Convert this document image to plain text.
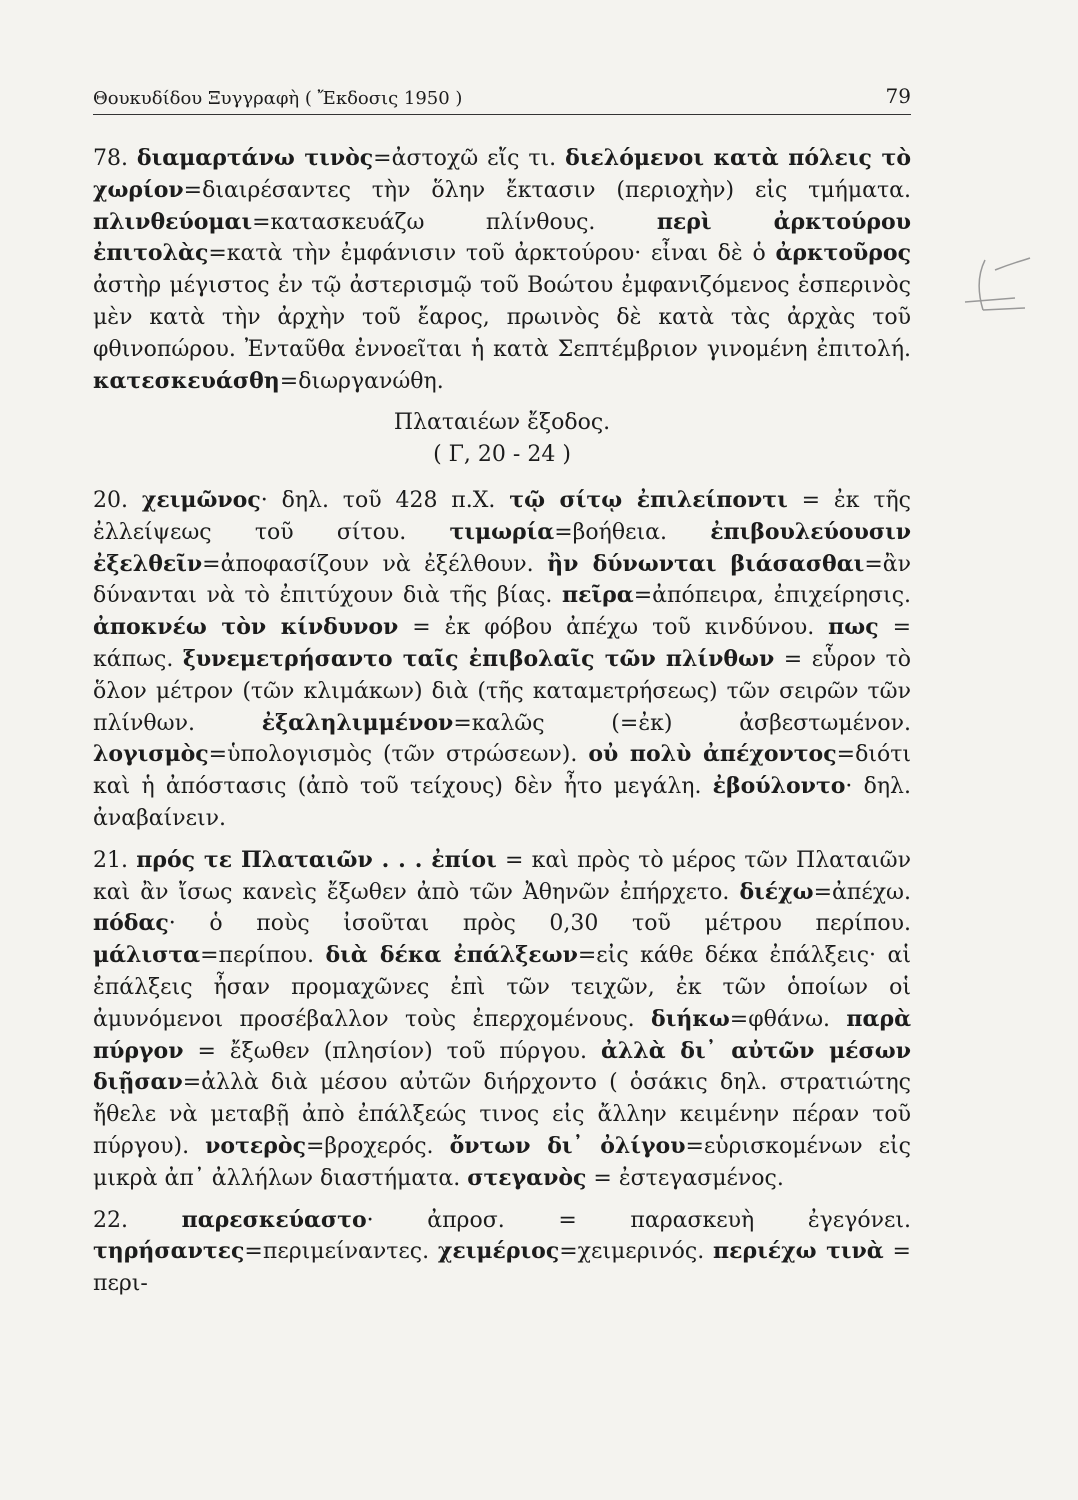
Θουκυδίδου Ξυγγραφὴ ( Ἔκδοσις 1950 )	79

78. διαμαρτάνω τινὸς=ἀστοχῶ εἴς τι. διελόμενοι κατὰ πόλεις τὸ χωρίον=διαιρέσαντες τὴν ὅλην ἔκτασιν (περιοχὴν) εἰς τμήματα. πλινθεύομαι=κατασκευάζω πλίνθους. περὶ ἀρκτούρου ἐπιτολὰς=κατὰ τὴν ἐμφάνισιν τοῦ ἀρκτούρου· εἶναι δὲ ὁ ἀρκτοῦρος ἀστὴρ μέγιστος ἐν τῷ ἀστερισμῷ τοῦ Βοώτου ἐμφανιζόμενος ἑσπερινὸς μὲν κατὰ τὴν ἀρχὴν τοῦ ἔαρος, πρωινὸς δὲ κατὰ τὰς ἀρχὰς τοῦ φθινοπώρου. Ἐνταῦθα ἐννοεῖται ἡ κατὰ Σεπτέμβριον γινομένη ἐπιτολή. κατεσκευάσθη=διωργανώθη.

Πλαταιέων ἔξοδος.
( Γ, 20 - 24 )

20. χειμῶνος· δηλ. τοῦ 428 π.Χ. τῷ σίτῳ ἐπιλείποντι = ἐκ τῆς ἐλλείψεως τοῦ σίτου. τιμωρία=βοήθεια. ἐπιβουλεύουσιν ἐξελθεῖν=ἀποφασίζουν νὰ ἐξέλθουν. ἢν δύνωνται βιάσασθαι=ἂν δύνανται νὰ τὸ ἐπιτύχουν διὰ τῆς βίας. πεῖρα=ἀπόπειρα, ἐπιχείρησις. ἀποκνέω τὸν κίνδυνον = ἐκ φόβου ἀπέχω τοῦ κινδύνου. πως = κάπως. ξυνεμετρήσαντο ταῖς ἐπιβολαῖς τῶν πλίνθων = εὗρον τὸ ὅλον μέτρον (τῶν κλιμάκων) διὰ (τῆς καταμετρήσεως) τῶν σειρῶν τῶν πλίνθων. ἐξαληλιμμένον=καλῶς (=ἐκ) ἀσβεστωμένον. λογισμὸς=ὑπολογισμὸς (τῶν στρώσεων). οὐ πολὺ ἀπέχοντος=διότι καὶ ἡ ἀπόστασις (ἀπὸ τοῦ τείχους) δὲν ἦτο μεγάλη. ἐβούλοντο· δηλ. ἀναβαίνειν.

21. πρός τε Πλαταιῶν . . . ἐπίοι = καὶ πρὸς τὸ μέρος τῶν Πλαταιῶν καὶ ἂν ἴσως κανεὶς ἔξωθεν ἀπὸ τῶν Ἀθηνῶν ἐπήρχετο. διέχω=ἀπέχω. πόδας· ὁ ποὺς ἰσοῦται πρὸς 0,30 τοῦ μέτρου περίπου. μάλιστα=περίπου. διὰ δέκα ἐπάλξεων=εἰς κάθε δέκα ἐπάλξεις· αἱ ἐπάλξεις ἦσαν προμαχῶνες ἐπὶ τῶν τειχῶν, ἐκ τῶν ὁποίων οἱ ἀμυνόμενοι προσέβαλλον τοὺς ἐπερχομένους. διήκω=φθάνω. παρὰ πύργον = ἔξωθεν (πλησίον) τοῦ πύργου. ἀλλὰ δι᾿ αὐτῶν μέσων διῇσαν=ἀλλὰ διὰ μέσου αὐτῶν διήρχοντο ( ὁσάκις δηλ. στρατιώτης ἤθελε νὰ μεταβῇ ἀπὸ ἐπάλξεώς τινος εἰς ἄλλην κειμένην πέραν τοῦ πύργου). νοτερὸς=βροχερός. ὄντων δι᾿ ὀλίγου=εὑρισκομένων εἰς μικρὰ ἀπ᾿ ἀλλήλων διαστήματα. στεγανὸς = ἐστεγασμένος.

22. παρεσκεύαστο· ἀπροσ. = παρασκευὴ ἐγεγόνει. τηρήσαντες=περιμείναντες. χειμέριος=χειμερινός. περιέχω τινὰ = περι-
